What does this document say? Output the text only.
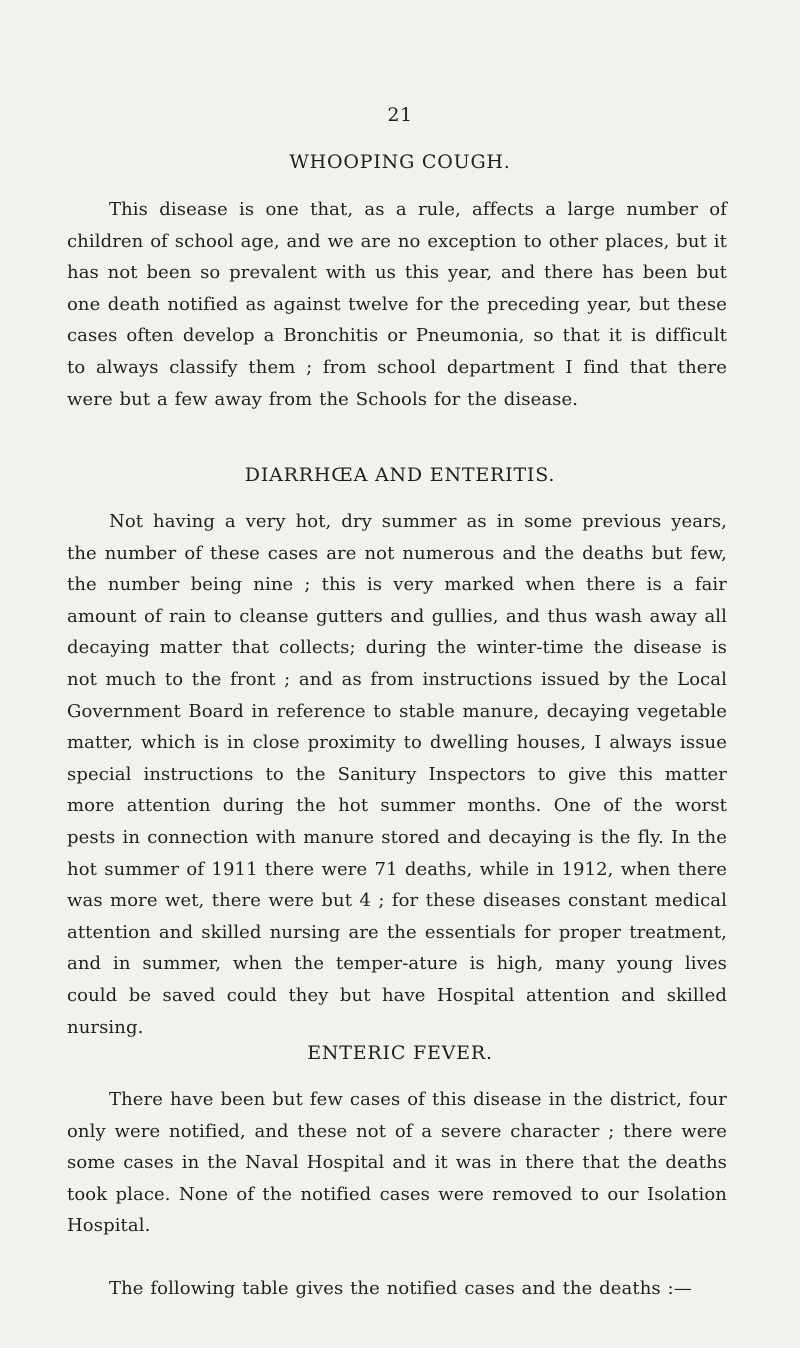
21
WHOOPING COUGH.

This disease is one that, as a rule, affects a large number of children of school age, and we are no exception to other places, but it has not been so prevalent with us this year, and there has been but one death notified as against twelve for the preceding year, but these cases often develop a Bronchitis or Pneumonia, so that it is difficult to always classify them ; from school department I find that there were but a few away from the Schools for the disease.

DIARRHŒA AND ENTERITIS.

Not having a very hot, dry summer as in some previous years, the number of these cases are not numerous and the deaths but few, the number being nine ; this is very marked when there is a fair amount of rain to cleanse gutters and gullies, and thus wash away all decaying matter that collects; during the winter-time the disease is not much to the front ; and as from instructions issued by the Local Government Board in reference to stable manure, decaying vegetable matter, which is in close proximity to dwelling houses, I always issue special instructions to the Sanitury Inspectors to give this matter more attention during the hot summer months. One of the worst pests in connection with manure stored and decaying is the fly. In the hot summer of 1911 there were 71 deaths, while in 1912, when there was more wet, there were but 4 ; for these diseases constant medical attention and skilled nursing are the essentials for proper treatment, and in summer, when the temper-ature is high, many young lives could be saved could they but have Hospital attention and skilled nursing.

ENTERIC FEVER.

There have been but few cases of this disease in the district, four only were notified, and these not of a severe character ; there were some cases in the Naval Hospital and it was in there that the deaths took place. None of the notified cases were removed to our Isolation Hospital.

The following table gives the notified cases and the deaths :—
